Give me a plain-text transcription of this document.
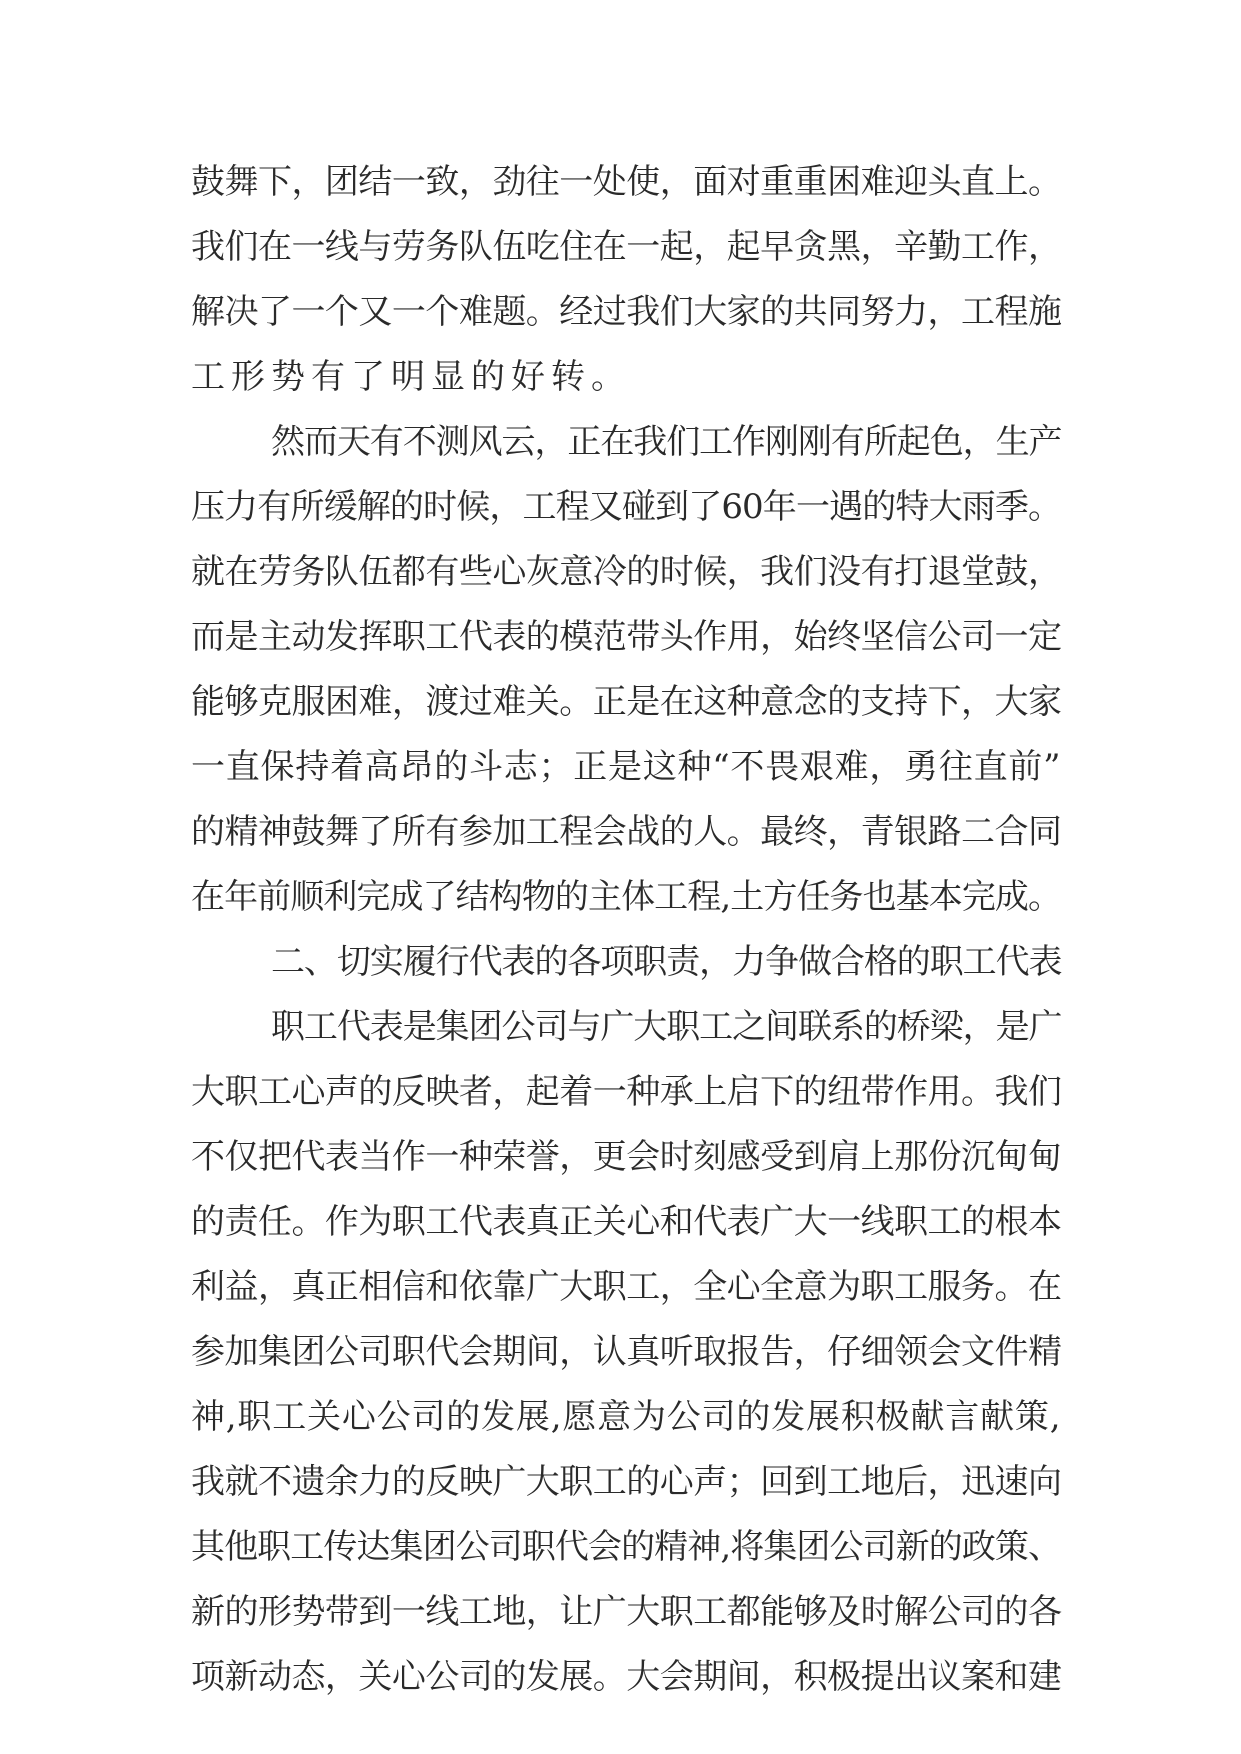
鼓舞下，团结一致，劲往一处使，面对重重困难迎头直上。
我们在一线与劳务队伍吃住在一起，起早贪黑，辛勤工作，
解决了一个又一个难题。经过我们大家的共同努力，工程施
工形势有了明显的好转。
然而天有不测风云，正在我们工作刚刚有所起色，生产
压力有所缓解的时候，工程又碰到了60年一遇的特大雨季。
就在劳务队伍都有些心灰意冷的时候，我们没有打退堂鼓，
而是主动发挥职工代表的模范带头作用，始终坚信公司一定
能够克服困难，渡过难关。正是在这种意念的支持下，大家
一直保持着高昂的斗志；正是这种“不畏艰难，勇往直前”
的精神鼓舞了所有参加工程会战的人。最终，青银路二合同
在年前顺利完成了结构物的主体工程,土方任务也基本完成。
二、切实履行代表的各项职责，力争做合格的职工代表
职工代表是集团公司与广大职工之间联系的桥梁，是广
大职工心声的反映者，起着一种承上启下的纽带作用。我们
不仅把代表当作一种荣誉，更会时刻感受到肩上那份沉甸甸
的责任。作为职工代表真正关心和代表广大一线职工的根本
利益，真正相信和依靠广大职工，全心全意为职工服务。在
参加集团公司职代会期间，认真听取报告，仔细领会文件精
神,职工关心公司的发展,愿意为公司的发展积极献言献策,
我就不遗余力的反映广大职工的心声；回到工地后，迅速向
其他职工传达集团公司职代会的精神,将集团公司新的政策、
新的形势带到一线工地，让广大职工都能够及时解公司的各
项新动态，关心公司的发展。大会期间，积极提出议案和建
